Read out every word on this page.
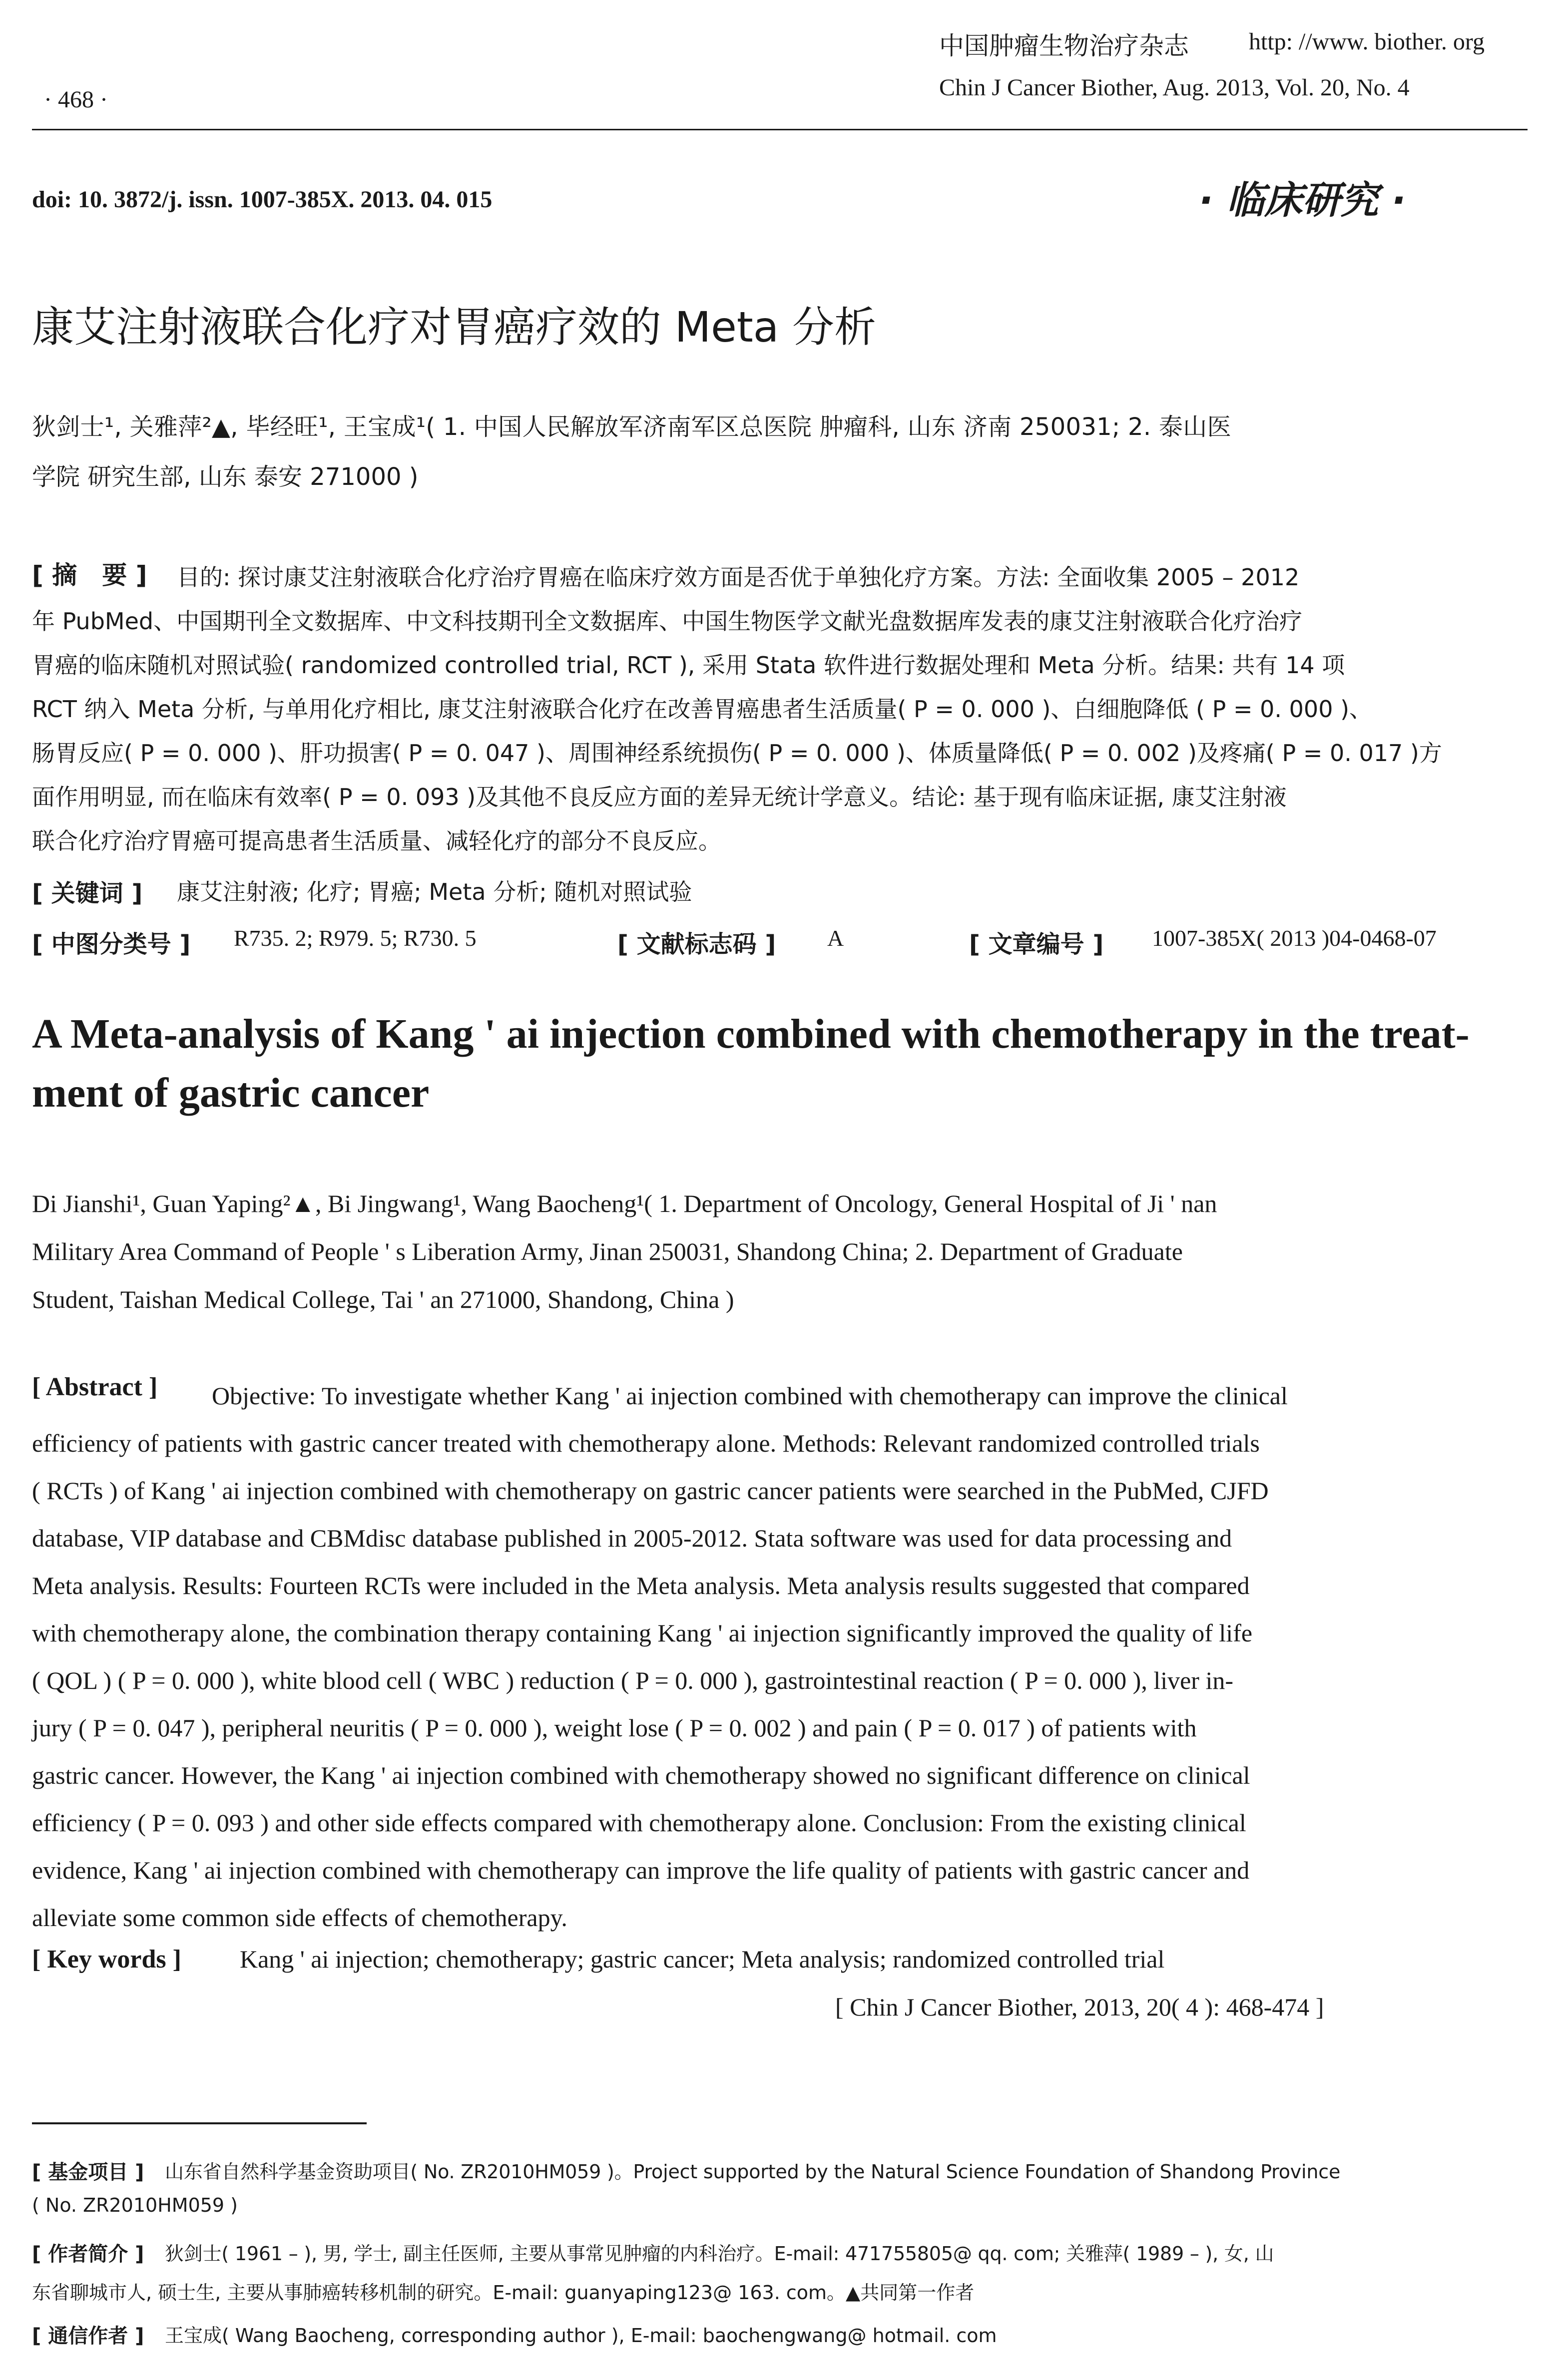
中国肿瘤生物治疗杂志	http: //www. biother. org
· 468 ·	Chin J Cancer Biother, Aug. 2013, Vol. 20, No. 4
doi: 10. 3872/j. issn. 1007-385X. 2013. 04. 015	· 临床研究 ·
康艾注射液联合化疗对胃癌疗效的 Meta 分析
狄剑士¹, 关雅萍²▲, 毕经旺¹, 王宝成¹( 1. 中国人民解放军济南军区总医院 肿瘤科, 山东 济南 250031; 2. 泰山医
学院 研究生部, 山东 泰安 271000 )
[ 摘　要 ]	目的: 探讨康艾注射液联合化疗治疗胃癌在临床疗效方面是否优于单独化疗方案。方法: 全面收集 2005 – 2012
年 PubMed、中国期刊全文数据库、中文科技期刊全文数据库、中国生物医学文献光盘数据库发表的康艾注射液联合化疗治疗
胃癌的临床随机对照试验( randomized controlled trial, RCT ), 采用 Stata 软件进行数据处理和 Meta 分析。结果: 共有 14 项
RCT 纳入 Meta 分析, 与单用化疗相比, 康艾注射液联合化疗在改善胃癌患者生活质量( P = 0. 000 )、白细胞降低 ( P = 0. 000 )、
肠胃反应( P = 0. 000 )、肝功损害( P = 0. 047 )、周围神经系统损伤( P = 0. 000 )、体质量降低( P = 0. 002 )及疼痛( P = 0. 017 )方
面作用明显, 而在临床有效率( P = 0. 093 )及其他不良反应方面的差异无统计学意义。结论: 基于现有临床证据, 康艾注射液
联合化疗治疗胃癌可提高患者生活质量、减轻化疗的部分不良反应。
[ 关键词 ] 康艾注射液; 化疗; 胃癌; Meta 分析; 随机对照试验
[ 中图分类号 ] R735. 2; R979. 5; R730. 5	[ 文献标志码 ] A	[ 文章编号 ] 1007-385X( 2013 )04-0468-07
A Meta-analysis of Kang ' ai injection combined with chemotherapy in the treat-
ment of gastric cancer
Di Jianshi¹, Guan Yaping²▲, Bi Jingwang¹, Wang Baocheng¹( 1. Department of Oncology, General Hospital of Ji ' nan
Military Area Command of People ' s Liberation Army, Jinan 250031, Shandong China; 2. Department of Graduate
Student, Taishan Medical College, Tai ' an 271000, Shandong, China )
[ Abstract ]	Objective: To investigate whether Kang ' ai injection combined with chemotherapy can improve the clinical
efficiency of patients with gastric cancer treated with chemotherapy alone. Methods: Relevant randomized controlled trials
( RCTs ) of Kang ' ai injection combined with chemotherapy on gastric cancer patients were searched in the PubMed, CJFD
database, VIP database and CBMdisc database published in 2005-2012. Stata software was used for data processing and
Meta analysis. Results: Fourteen RCTs were included in the Meta analysis. Meta analysis results suggested that compared
with chemotherapy alone, the combination therapy containing Kang ' ai injection significantly improved the quality of life
( QOL ) ( P = 0. 000 ), white blood cell ( WBC ) reduction ( P = 0. 000 ), gastrointestinal reaction ( P = 0. 000 ), liver in-
jury ( P = 0. 047 ), peripheral neuritis ( P = 0. 000 ), weight lose ( P = 0. 002 ) and pain ( P = 0. 017 ) of patients with
gastric cancer. However, the Kang ' ai injection combined with chemotherapy showed no significant difference on clinical
efficiency ( P = 0. 093 ) and other side effects compared with chemotherapy alone. Conclusion: From the existing clinical
evidence, Kang ' ai injection combined with chemotherapy can improve the life quality of patients with gastric cancer and
alleviate some common side effects of chemotherapy.
[ Key words ] Kang ' ai injection; chemotherapy; gastric cancer; Meta analysis; randomized controlled trial
[ Chin J Cancer Biother, 2013, 20( 4 ): 468-474 ]
[ 基金项目 ] 山东省自然科学基金资助项目( No. ZR2010HM059 )。Project supported by the Natural Science Foundation of Shandong Province
( No. ZR2010HM059 )
[ 作者简介 ] 狄剑士( 1961 – ), 男, 学士, 副主任医师, 主要从事常见肿瘤的内科治疗。E-mail: 471755805@ qq. com; 关雅萍( 1989 – ), 女, 山
东省聊城市人, 硕士生, 主要从事肺癌转移机制的研究。E-mail: guanyaping123@ 163. com。▲共同第一作者
[ 通信作者 ] 王宝成( Wang Baocheng, corresponding author ), E-mail: baochengwang@ hotmail. com
